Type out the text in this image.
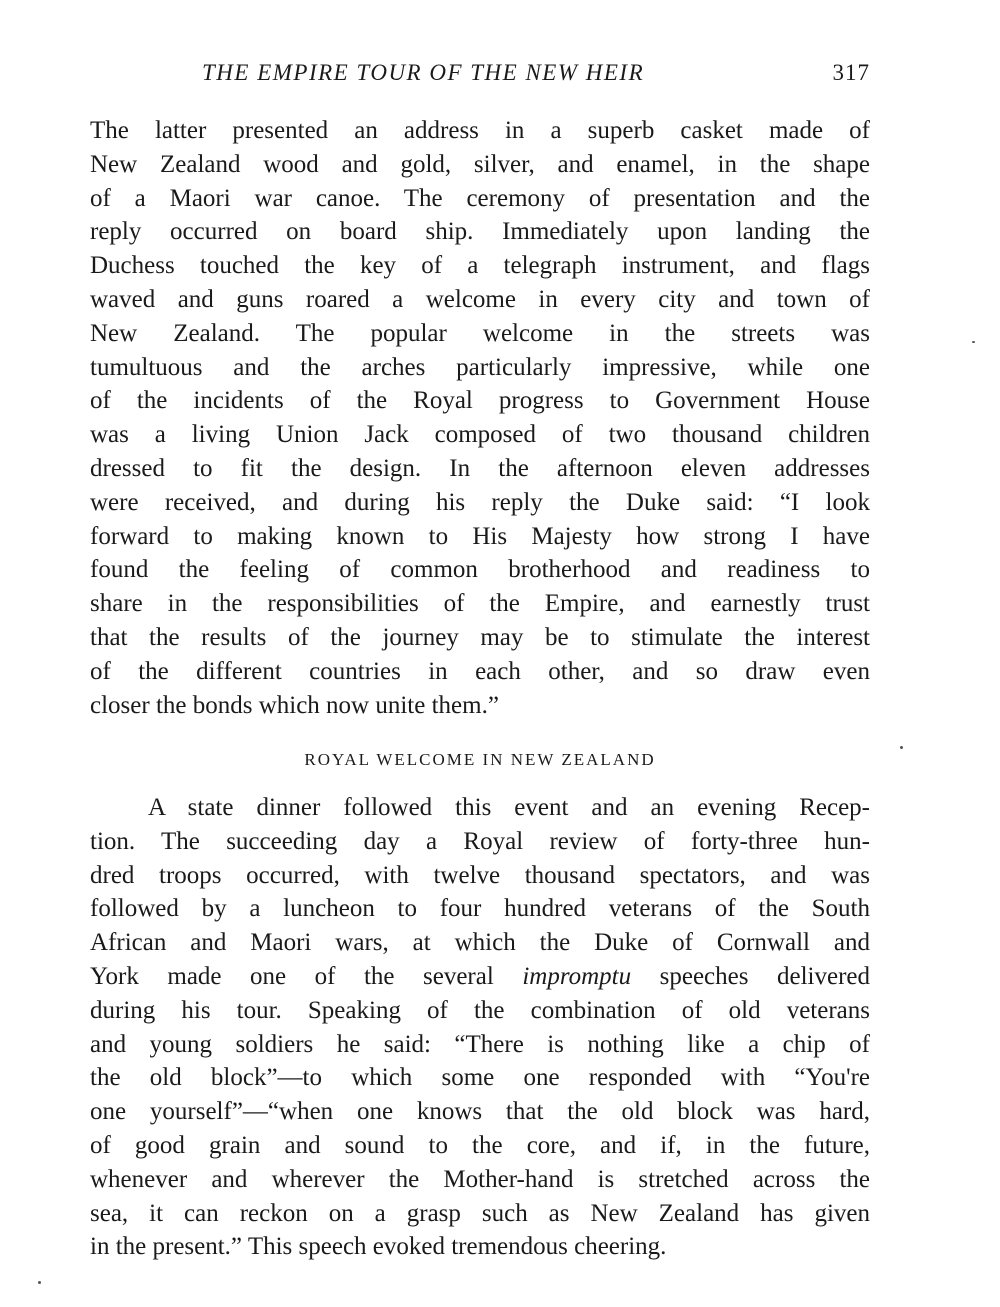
THE EMPIRE TOUR OF THE NEW HEIR	317
The latter presented an address in a superb casket made of
New Zealand wood and gold, silver, and enamel, in the shape
of a Maori war canoe. The ceremony of presentation and the
reply occurred on board ship. Immediately upon landing the
Duchess touched the key of a telegraph instrument, and flags
waved and guns roared a welcome in every city and town of
New Zealand. The popular welcome in the streets was
tumultuous and the arches particularly impressive, while one
of the incidents of the Royal progress to Government House
was a living Union Jack composed of two thousand children
dressed to fit the design. In the afternoon eleven addresses
were received, and during his reply the Duke said: “I look
forward to making known to His Majesty how strong I have
found the feeling of common brotherhood and readiness to
share in the responsibilities of the Empire, and earnestly trust
that the results of the journey may be to stimulate the interest
of the different countries in each other, and so draw even
closer the bonds which now unite them.”
ROYAL WELCOME IN NEW ZEALAND
A state dinner followed this event and an evening Recep-
tion. The succeeding day a Royal review of forty-three hun-
dred troops occurred, with twelve thousand spectators, and was
followed by a luncheon to four hundred veterans of the South
African and Maori wars, at which the Duke of Cornwall and
York made one of the several impromptu speeches delivered
during his tour. Speaking of the combination of old veterans
and young soldiers he said: “There is nothing like a chip of
the old block”—to which some one responded with “You're
one yourself”—“when one knows that the old block was hard,
of good grain and sound to the core, and if, in the future,
whenever and wherever the Mother-hand is stretched across the
sea, it can reckon on a grasp such as New Zealand has given
in the present.” This speech evoked tremendous cheering.
